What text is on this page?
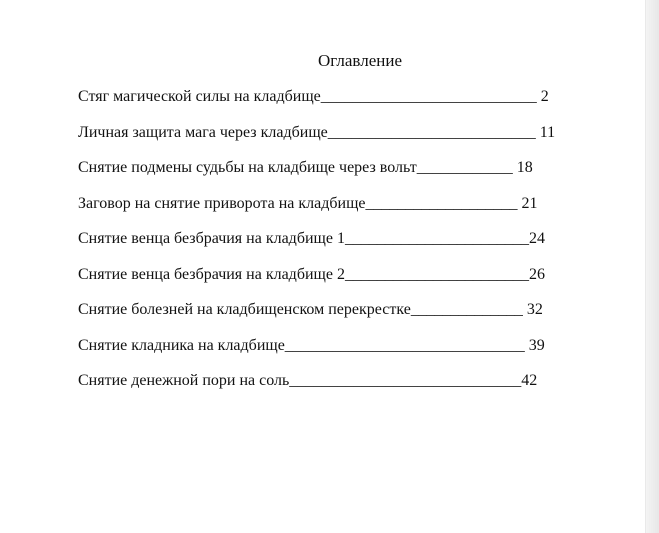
Оглавление
Стяг магической силы на кладбище___________________________ 2
Личная защита мага через кладбище__________________________ 11
Снятие подмены судьбы на кладбище через вольт____________ 18
Заговор на снятие приворота на кладбище___________________ 21
Снятие венца безбрачия на кладбище 1_______________________24
Снятие венца безбрачия на кладбище 2_______________________26
Снятие болезней на кладбищенском перекрестке______________ 32
Снятие кладника на кладбище______________________________ 39
Снятие денежной пори на соль_____________________________42
